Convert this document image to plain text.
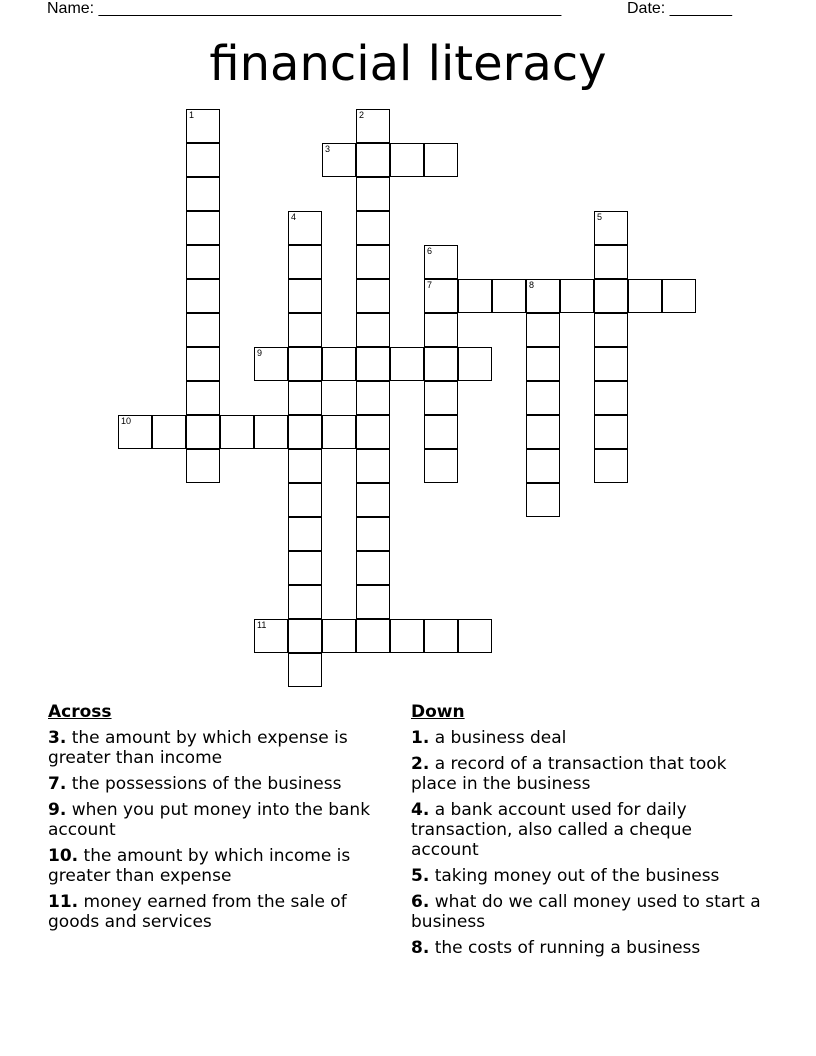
Name: ____________________________________________________	Date: _______
financial literacy
1	2
3
4	5
6
7	8
9
10
11
Across
3. the amount by which expense is greater than income
7. the possessions of the business
9. when you put money into the bank account
10. the amount by which income is greater than expense
11. money earned from the sale of goods and services
Down
1. a business deal
2. a record of a transaction that took place in the business
4. a bank account used for daily transaction, also called a cheque account
5. taking money out of the business
6. what do we call money used to start a business
8. the costs of running a business
